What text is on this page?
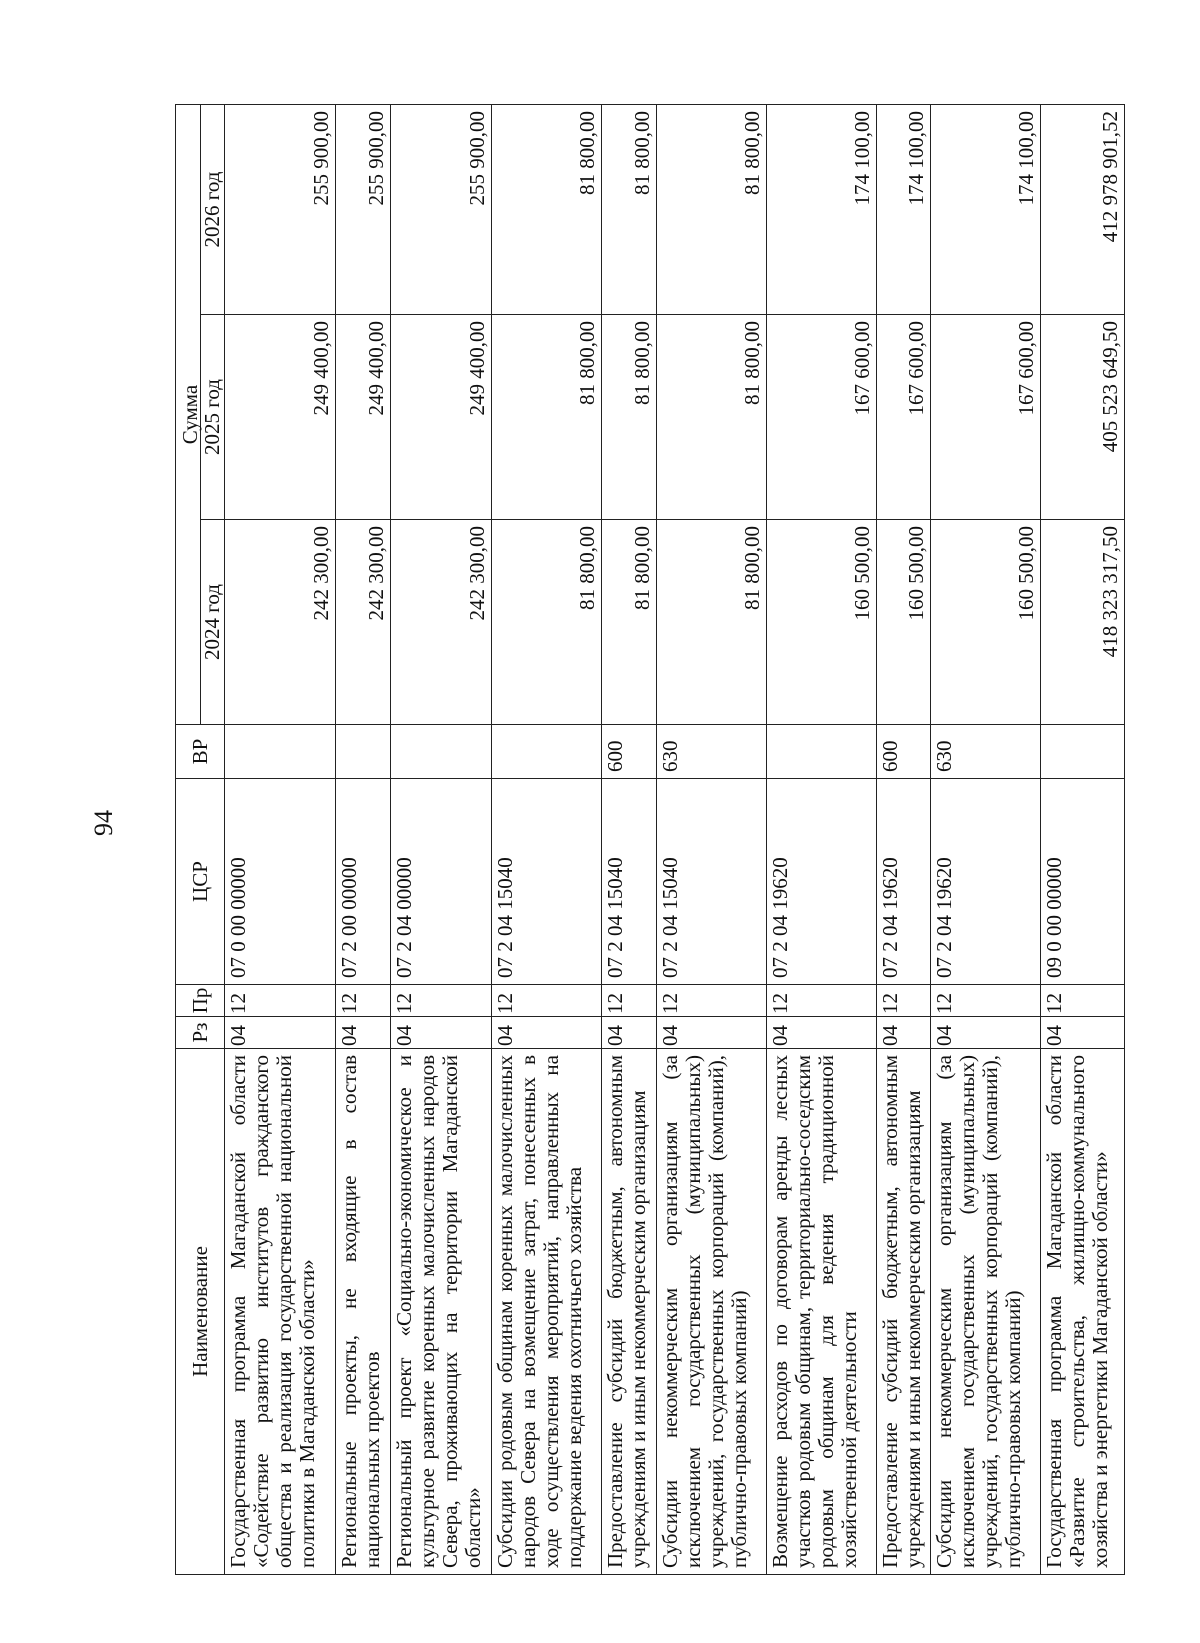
94
Наименование	Рз	Пр	ЦСР	ВР	Сумма		
					2024 год	2025 год	2026 год
Государственная программа Магаданской области «Содействие развитию институтов гражданского общества и реализация государственной национальной политики в Магаданской области»	04	12	07 0 00 00000		242 300,00	249 400,00	255 900,00
Региональные проекты, не входящие в состав национальных проектов	04	12	07 2 00 00000		242 300,00	249 400,00	255 900,00
Региональный проект «Социально-экономическое и культурное развитие коренных малочисленных народов Севера, проживающих на территории Магаданской области»	04	12	07 2 04 00000		242 300,00	249 400,00	255 900,00
Субсидии родовым общинам коренных малочисленных народов Севера на возмещение затрат, понесенных в ходе осуществления мероприятий, направленных на поддержание ведения охотничьего хозяйства	04	12	07 2 04 15040		81 800,00	81 800,00	81 800,00
Предоставление субсидий бюджетным, автономным учреждениям и иным некоммерческим организациям	04	12	07 2 04 15040	600	81 800,00	81 800,00	81 800,00
Субсидии некоммерческим организациям (за исключением государственных (муниципальных) учреждений, государственных корпораций (компаний), публично-правовых компаний)	04	12	07 2 04 15040	630	81 800,00	81 800,00	81 800,00
Возмещение расходов по договорам аренды лесных участков родовым общинам, территориально-соседским родовым общинам для ведения традиционной хозяйственной деятельности	04	12	07 2 04 19620		160 500,00	167 600,00	174 100,00
Предоставление субсидий бюджетным, автономным учреждениям и иным некоммерческим организациям	04	12	07 2 04 19620	600	160 500,00	167 600,00	174 100,00
Субсидии некоммерческим организациям (за исключением государственных (муниципальных) учреждений, государственных корпораций (компаний), публично-правовых компаний)	04	12	07 2 04 19620	630	160 500,00	167 600,00	174 100,00
Государственная программа Магаданской области «Развитие строительства, жилищно-коммунального хозяйства и энергетики Магаданской области»	04	12	09 0 00 00000		418 323 317,50	405 523 649,50	412 978 901,52
